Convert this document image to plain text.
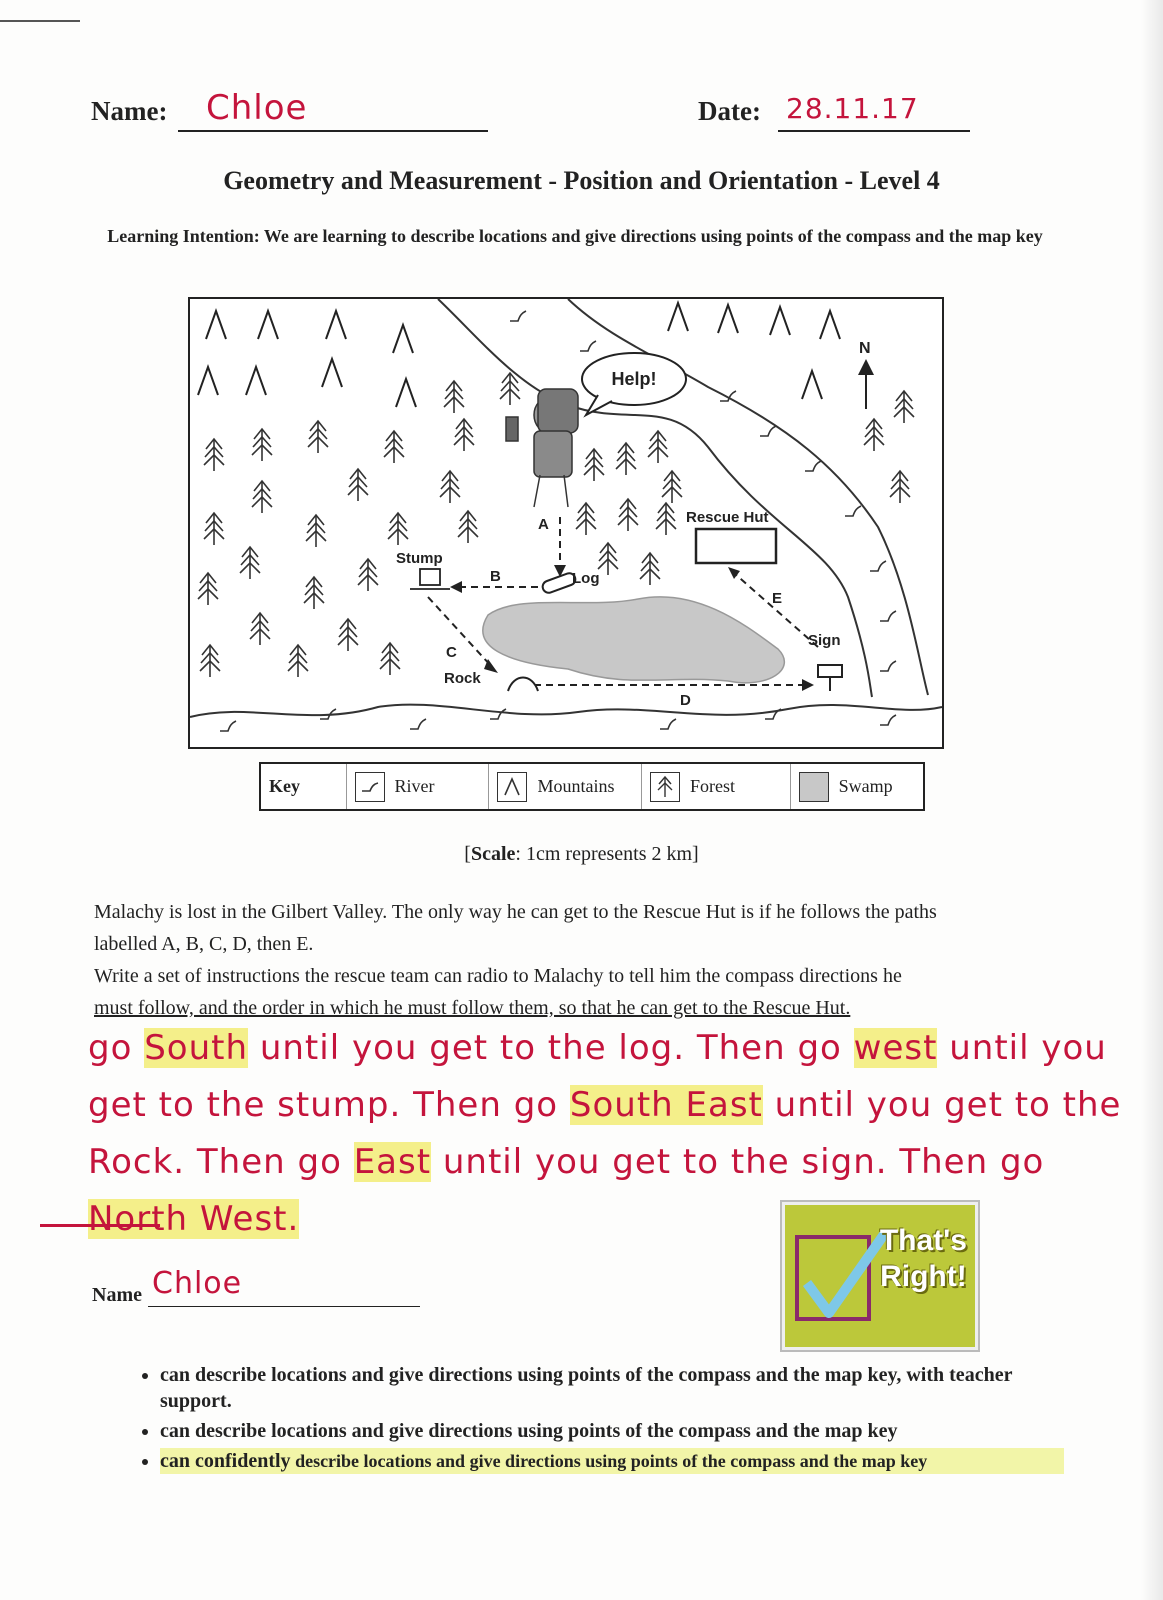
Name: Chloe	Date: 28.11.17
Geometry and Measurement - Position and Orientation - Level 4
Learning Intention: We are learning to describe locations and give directions using points of the compass and the map key
N
Help!
Rescue Hut
Stump
Log
Rock
Sign
A
B
C
D
E
Key	River	Mountains	Forest	Swamp
[Scale: 1cm represents 2 km]
Malachy is lost in the Gilbert Valley. The only way he can get to the Rescue Hut is if he follows the paths
labelled A, B, C, D, then E.
Write a set of instructions the rescue team can radio to Malachy to tell him the compass directions he
must follow, and the order in which he must follow them, so that he can get to the Rescue Hut.
go South until you get to the log. Then go west until you get to the stump. Then go South East until you get to the Rock. Then go East until you get to the sign. Then go North West.
That's
Right!
Name Chloe
• can describe locations and give directions using points of the compass and the map key, with teacher support.
• can describe locations and give directions using points of the compass and the map key
• can confidently describe locations and give directions using points of the compass and the map key
